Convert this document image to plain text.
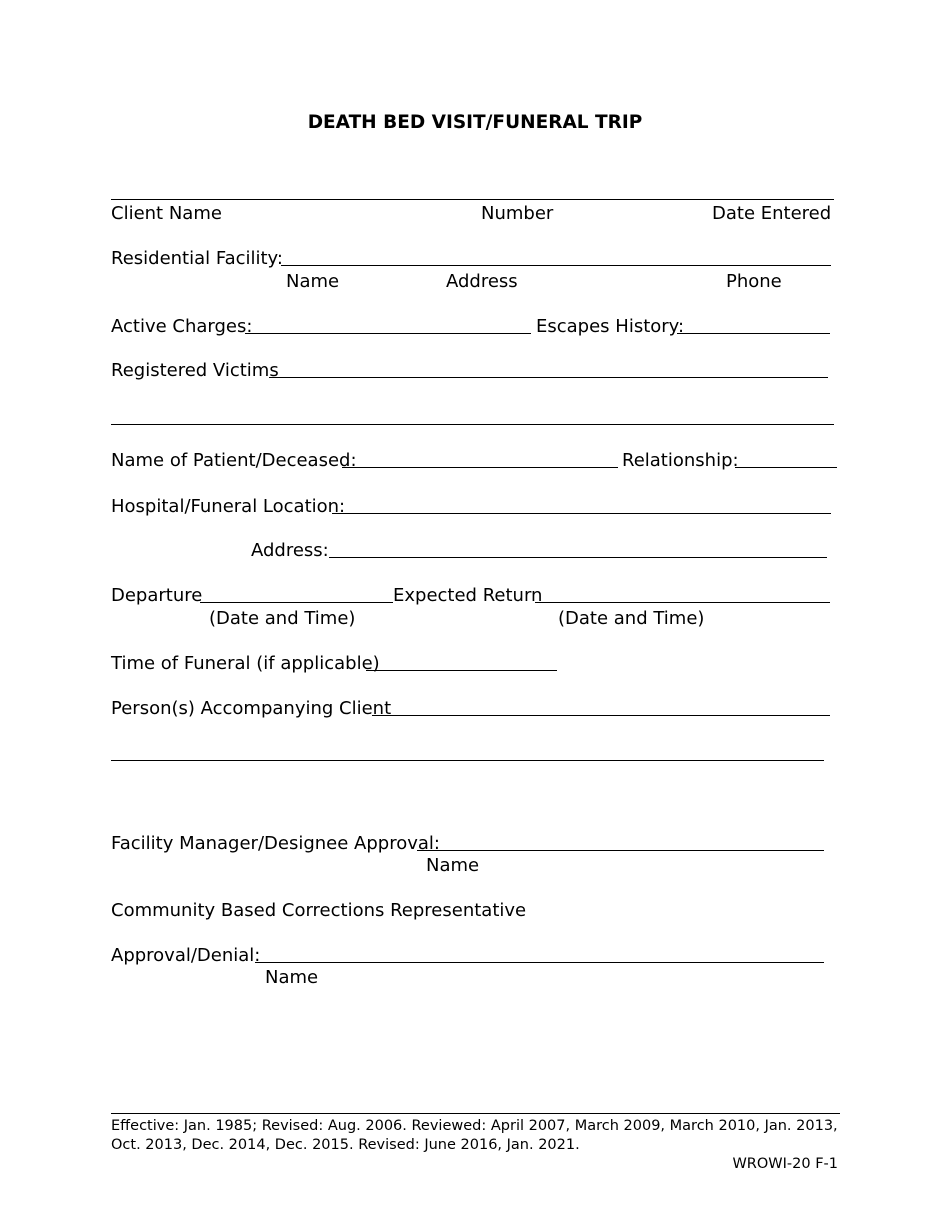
DEATH BED VISIT/FUNERAL TRIP
Client Name	Number	Date Entered
Residential Facility:
Name	Address	Phone
Active Charges:	Escapes History:
Registered Victims
Name of Patient/Deceased:	Relationship:
Hospital/Funeral Location:
Address:
Departure	Expected Return
(Date and Time)	(Date and Time)
Time of Funeral (if applicable)
Person(s) Accompanying Client
Facility Manager/Designee Approval:
Name
Community Based Corrections Representative
Approval/Denial:
Name
Effective: Jan. 1985; Revised: Aug. 2006. Reviewed: April 2007, March 2009, March 2010, Jan. 2013,
Oct. 2013, Dec. 2014, Dec. 2015. Revised: June 2016, Jan. 2021.
WROWI-20 F-1
